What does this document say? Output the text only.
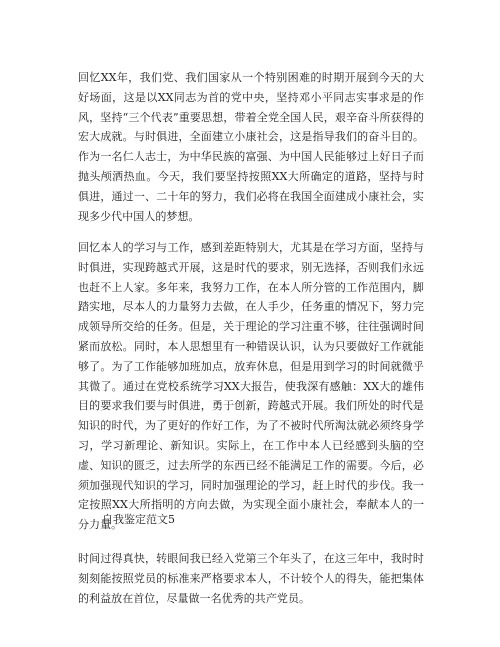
回忆XX年，我们党、我们国家从一个特别困难的时期开展到今天的大好场面，这是以XX同志为首的党中央，坚持邓小平同志实事求是的作风，坚持“三个代表”重要思想，带着全党全国人民，艰辛奋斗所获得的宏大成就。与时俱进，全面建立小康社会，这是指导我们的奋斗目的。作为一名仁人志士，为中华民族的富强、为中国人民能够过上好日子而抛头颅洒热血。今天，我们要坚持按照XX大所确定的道路，坚持与时俱进，通过一、二十年的努力，我们必将在我国全面建成小康社会，实现多少代中国人的梦想。

回忆本人的学习与工作，感到差距特别大，尤其是在学习方面，坚持与时俱进，实现跨越式开展，这是时代的要求，别无选择，否则我们永远也赶不上人家。多年来，我努力工作，在本人所分管的工作范围内，脚踏实地，尽本人的力量努力去做，在人手少，任务重的情况下，努力完成领导所交给的任务。但是，关于理论的学习注重不够，往往强调时间紧而放松。同时，本人思想里有一种错误认识，认为只要做好工作就能够了。为了工作能够加班加点，放弃休息，但是用到学习的时间就微乎其微了。通过在党校系统学习XX大报告，使我深有感触：XX大的雄伟目的要求我们要与时俱进，勇于创新，跨越式开展。我们所处的时代是知识的时代，为了更好的作好工作，为了不被时代所淘汰就必须终身学习，学习新理论、新知识。实际上，在工作中本人已经感到头脑的空虚、知识的匮乏，过去所学的东西已经不能满足工作的需要。今后，必须加强现代知识的学习，同时加强理论的学习，赶上时代的步伐。我一定按照XX大所指明的方向去做，为实现全面小康社会，奉献本人的一分力量。

自我鉴定范文5

时间过得真快，转眼间我已经入党第三个年头了，在这三年中，我时时刻刻能按照党员的标准来严格要求本人，不计较个人的得失，能把集体的利益放在首位，尽量做一名优秀的共产党员。
